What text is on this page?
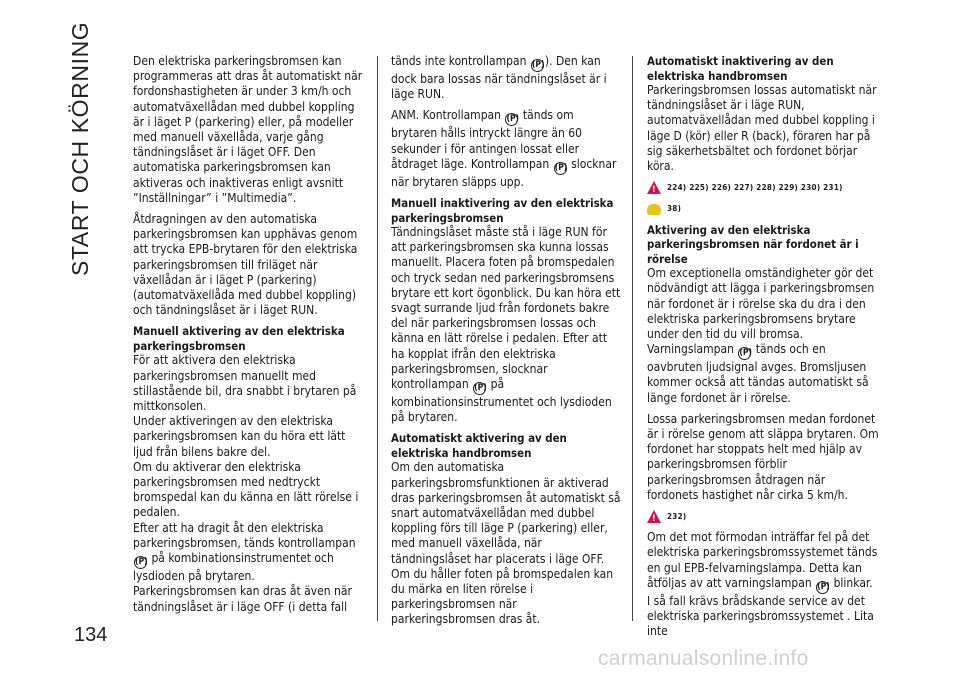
START OCH KÖRNING
134

Den elektriska parkeringsbromsen kan programmeras att dras åt automatiskt när fordonshastigheten är under 3 km/h och automatväxellådan med dubbel koppling är i läget P (parkering) eller, på modeller med manuell växellåda, varje gång tändningslåset är i läget OFF. Den automatiska parkeringsbromsen kan aktiveras och inaktiveras enligt avsnitt ”Inställningar” i ”Multimedia”.

Åtdragningen av den automatiska parkeringsbromsen kan upphävas genom att trycka EPB-brytaren för den elektriska parkeringsbromsen till friläget när växellådan är i läget P (parkering) (automatväxellåda med dubbel koppling) och tändningslåset är i läget RUN.

Manuell aktivering av den elektriska parkeringsbromsen

För att aktivera den elektriska parkeringsbromsen manuellt med stillastående bil, dra snabbt i brytaren på mittkonsolen.

Under aktiveringen av den elektriska parkeringsbromsen kan du höra ett lätt ljud från bilens bakre del.

Om du aktiverar den elektriska parkeringsbromsen med nedtryckt bromspedal kan du känna en lätt rörelse i pedalen.

Efter att ha dragit åt den elektriska parkeringsbromsen, tänds kontrollampan (P) på kombinationsinstrumentet och lysdioden på brytaren.

Parkeringsbromsen kan dras åt även när tändningslåset är i läge OFF (i detta fall

tänds inte kontrollampan (P)). Den kan dock bara lossas när tändningslåset är i läge RUN.

ANM. Kontrollampan (P) tänds om brytaren hålls intryckt längre än 60 sekunder i för antingen lossat eller åtdraget läge. Kontrollampan (P) slocknar när brytaren släpps upp.

Manuell inaktivering av den elektriska parkeringsbromsen

Tändningslåset måste stå i läge RUN för att parkeringsbromsen ska kunna lossas manuellt. Placera foten på bromspedalen och tryck sedan ned parkeringsbromsens brytare ett kort ögonblick. Du kan höra ett svagt surrande ljud från fordonets bakre del när parkeringsbromsen lossas och känna en lätt rörelse i pedalen. Efter att ha kopplat ifrån den elektriska parkeringsbromsen, slocknar kontrollampan (P) på kombinationsinstrumentet och lysdioden på brytaren.

Automatiskt aktivering av den elektriska handbromsen

Om den automatiska parkeringsbromsfunktionen är aktiverad dras parkeringsbromsen åt automatiskt så snart automatväxellådan med dubbel koppling förs till läge P (parkering) eller, med manuell växellåda, när tändningslåset har placerats i läge OFF. Om du håller foten på bromspedalen kan du märka en liten rörelse i parkeringsbromsen när parkeringsbromsen dras åt.

Automatiskt inaktivering av den elektriska handbromsen

Parkeringsbromsen lossas automatiskt när tändningslåset är i läge RUN, automatväxellådan med dubbel koppling i läge D (kör) eller R (back), föraren har på sig säkerhetsbältet och fordonet börjar köra.

!
224) 225) 226) 227) 228) 229) 230) 231)
38)
Aktivering av den elektriska parkeringsbromsen när fordonet är i rörelse

Om exceptionella omständigheter gör det nödvändigt att lägga i parkeringsbromsen när fordonet är i rörelse ska du dra i den elektriska parkeringsbromsens brytare under den tid du vill bromsa. Varningslampan (P) tänds och en oavbruten ljudsignal avges. Bromsljusen kommer också att tändas automatiskt så länge fordonet är i rörelse.

Lossa parkeringsbromsen medan fordonet är i rörelse genom att släppa brytaren. Om fordonet har stoppats helt med hjälp av parkeringsbromsen förblir parkeringsbromsen åtdragen när fordonets hastighet når cirka 5 km/h.

!
232)

Om det mot förmodan inträffar fel på det elektriska parkeringsbromssystemet tänds en gul EPB-felvarningslampa. Detta kan åtföljas av att varningslampan (P) blinkar. I så fall krävs brådskande service av det elektriska parkeringsbromssystemet . Lita inte

carmanualsonline.info
